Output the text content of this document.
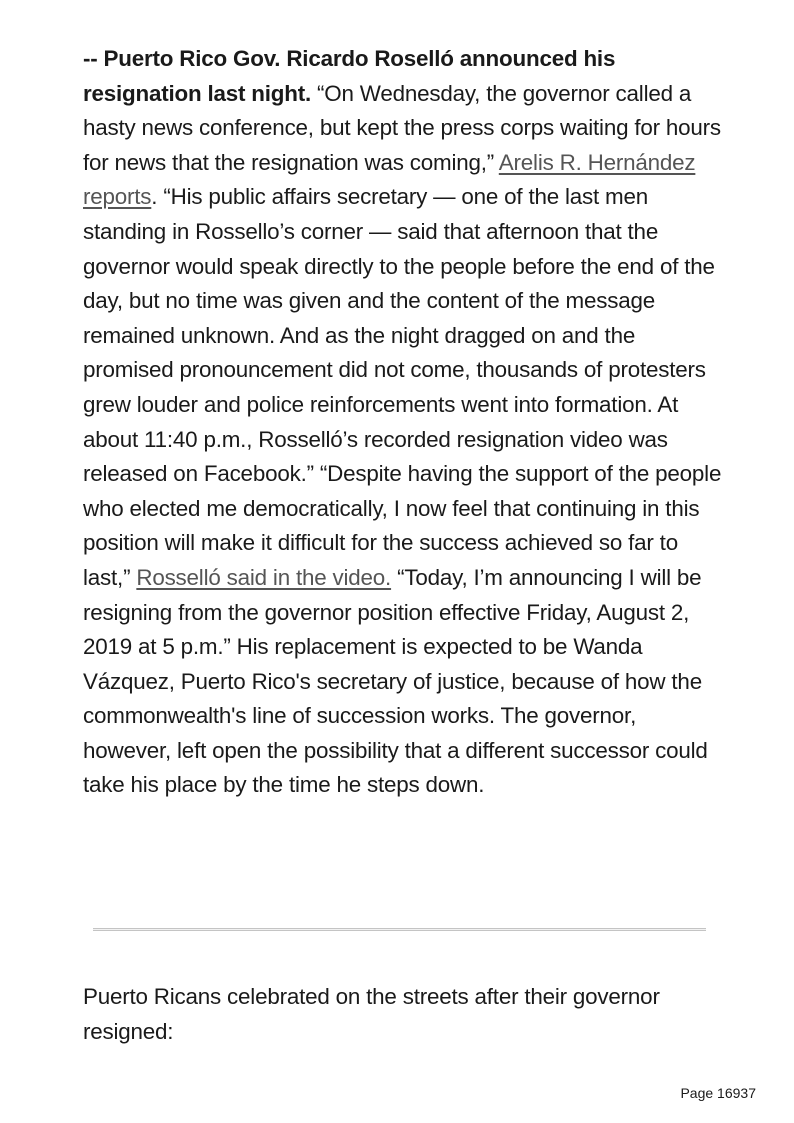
-- Puerto Rico Gov. Ricardo Roselló announced his resignation last night. “On Wednesday, the governor called a hasty news conference, but kept the press corps waiting for hours for news that the resignation was coming,” Arelis R. Hernández reports. “His public affairs secretary — one of the last men standing in Rossello’s corner — said that afternoon that the governor would speak directly to the people before the end of the day, but no time was given and the content of the message remained unknown. And as the night dragged on and the promised pronouncement did not come, thousands of protesters grew louder and police reinforcements went into formation. At about 11:40 p.m., Rosselló’s recorded resignation video was released on Facebook.” “Despite having the support of the people who elected me democratically, I now feel that continuing in this position will make it difficult for the success achieved so far to last,” Rosselló said in the video. “Today, I’m announcing I will be resigning from the governor position effective Friday, August 2, 2019 at 5 p.m.” His replacement is expected to be Wanda Vázquez, Puerto Rico's secretary of justice, because of how the commonwealth's line of succession works. The governor, however, left open the possibility that a different successor could take his place by the time he steps down.

Puerto Ricans celebrated on the streets after their governor resigned:

Page 16937
